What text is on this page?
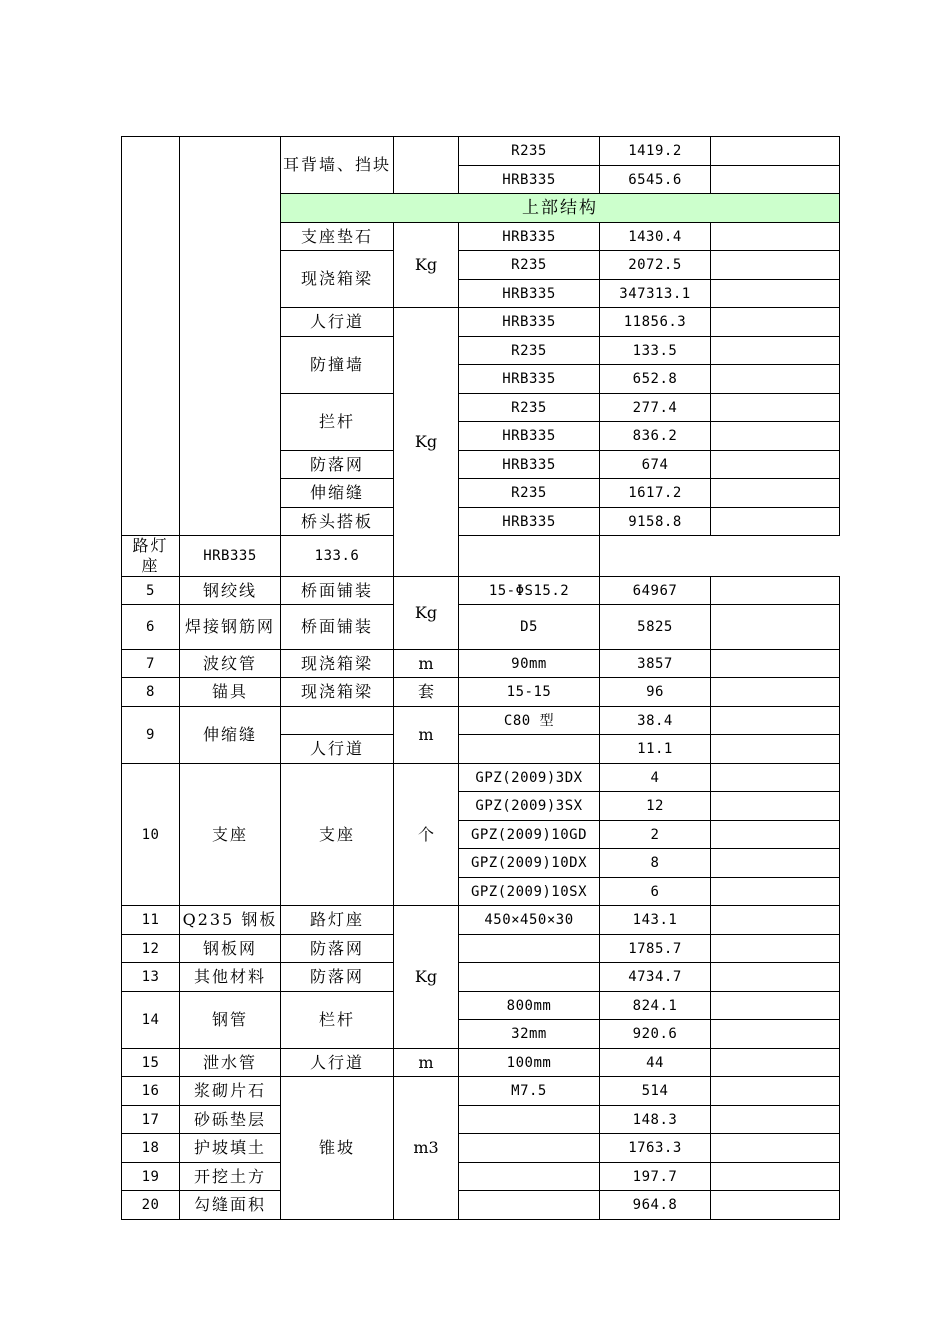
		耳背墙、挡块		R235	1419.2	
				HRB335	6545.6	
		上部结构				
		支座垫石	Kg	HRB335	1430.4	
		现浇箱梁		R235	2072.5	
				HRB335	347313.1	
		人行道	Kg	HRB335	11856.3	
		防撞墙		R235	133.5	
				HRB335	652.8	
		拦杆		R235	277.4	
				HRB335	836.2	
		防落网		HRB335	674	
		伸缩缝		R235	1617.2	
		桥头搭板		HRB335	9158.8	
路灯座	HRB335	133.6				
5	钢绞线	桥面铺装	Kg	15-ΦS15.2	64967	
6	焊接钢筋网	桥面铺装		D5	5825	
7	波纹管	现浇箱梁	m	90mm	3857	
8	锚具	现浇箱梁	套	15-15	96	
9	伸缩缝		m	C80 型	38.4	
		人行道			11.1	
10	支座	支座	个	GPZ(2009)3DX	4	
				GPZ(2009)3SX	12	
				GPZ(2009)10GD	2	
				GPZ(2009)10DX	8	
				GPZ(2009)10SX	6	
11	Q235 钢板	路灯座	Kg	450×450×30	143.1	
12	钢板网	防落网			1785.7	
13	其他材料	防落网			4734.7	
14	钢管	栏杆		800mm	824.1	
				32mm	920.6	
15	泄水管	人行道	m	100mm	44	
16	浆砌片石	锥坡	m3	M7.5	514	
17	砂砾垫层				148.3	
18	护坡填土				1763.3	
19	开挖土方				197.7	
20	勾缝面积				964.8	
